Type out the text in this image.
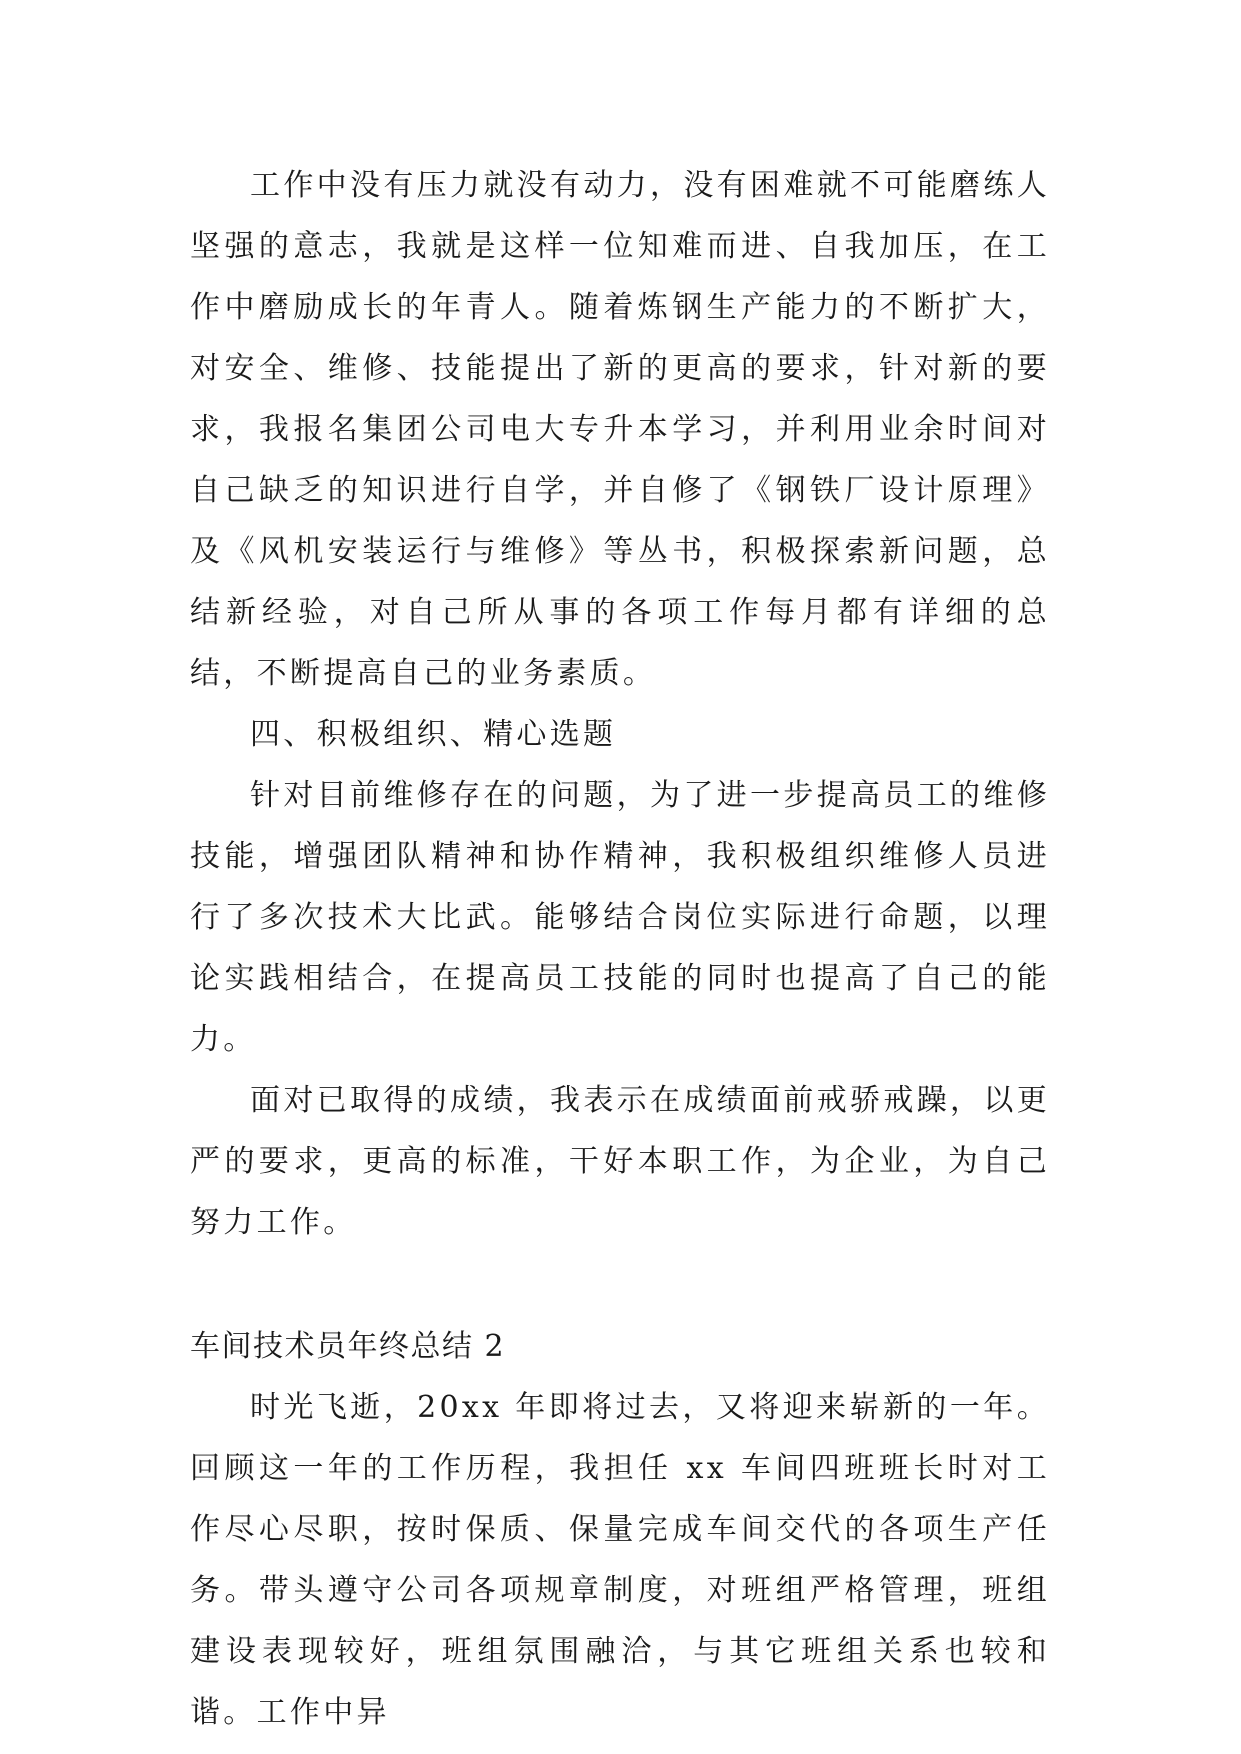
工作中没有压力就没有动力，没有困难就不可能磨练人坚强的意志，我就是这样一位知难而进、自我加压，在工作中磨励成长的年青人。随着炼钢生产能力的不断扩大，对安全、维修、技能提出了新的更高的要求，针对新的要求，我报名集团公司电大专升本学习，并利用业余时间对自己缺乏的知识进行自学，并自修了《钢铁厂设计原理》及《风机安装运行与维修》等丛书，积极探索新问题，总结新经验，对自己所从事的各项工作每月都有详细的总结，不断提高自己的业务素质。

四、积极组织、精心选题

针对目前维修存在的问题，为了进一步提高员工的维修技能，增强团队精神和协作精神，我积极组织维修人员进行了多次技术大比武。能够结合岗位实际进行命题，以理论实践相结合，在提高员工技能的同时也提高了自己的能力。

面对已取得的成绩，我表示在成绩面前戒骄戒躁，以更严的要求，更高的标准，干好本职工作，为企业，为自己努力工作。

车间技术员年终总结 2

时光飞逝，20xx 年即将过去，又将迎来崭新的一年。回顾这一年的工作历程，我担任 xx 车间四班班长时对工作尽心尽职，按时保质、保量完成车间交代的各项生产任务。带头遵守公司各项规章制度，对班组严格管理，班组建设表现较好，班组氛围融洽，与其它班组关系也较和谐。工作中异
